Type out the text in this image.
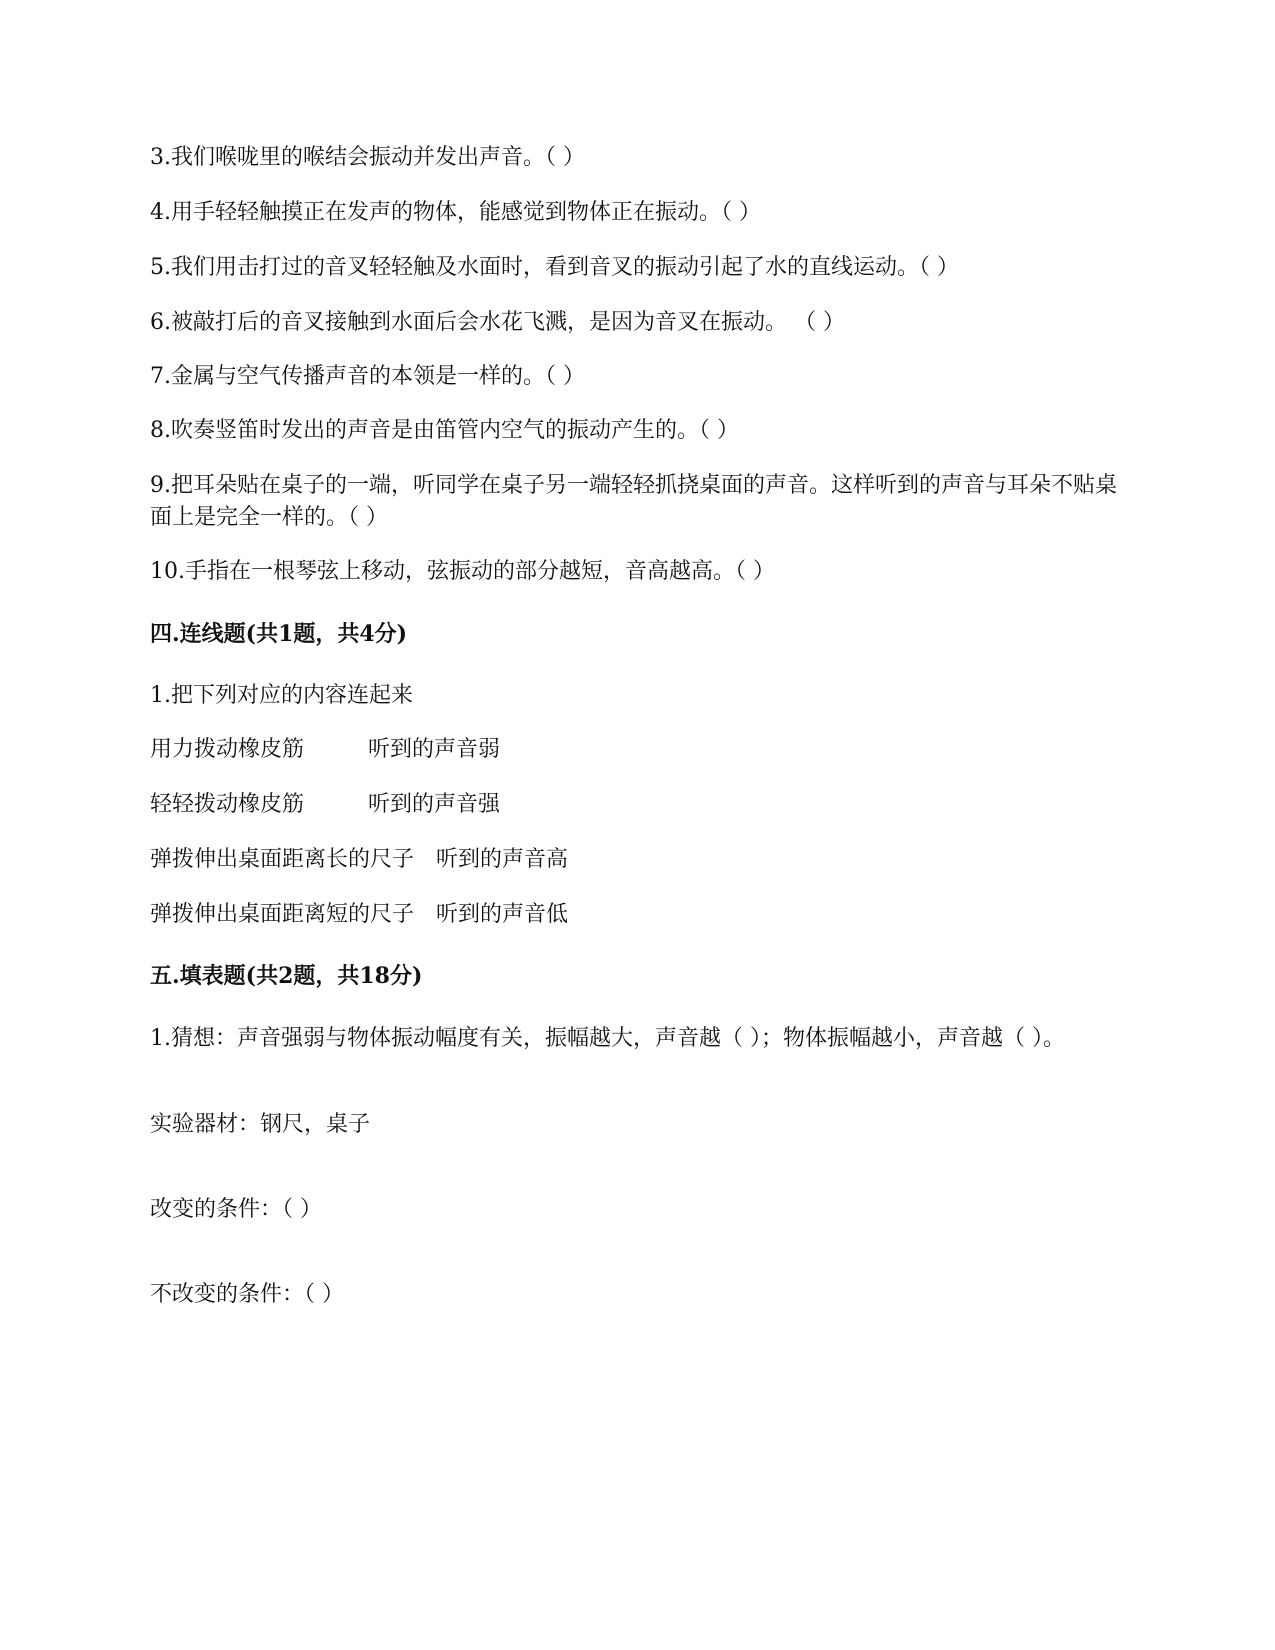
3.我们喉咙里的喉结会振动并发出声音。（ ）
4.用手轻轻触摸正在发声的物体，能感觉到物体正在振动。（ ）
5.我们用击打过的音叉轻轻触及水面时，看到音叉的振动引起了水的直线运动。（ ）
6.被敲打后的音叉接触到水面后会水花飞溅，是因为音叉在振动。 （ ）
7.金属与空气传播声音的本领是一样的。（ ）
8.吹奏竖笛时发出的声音是由笛管内空气的振动产生的。（ ）
9.把耳朵贴在桌子的一端，听同学在桌子另一端轻轻抓挠桌面的声音。这样听到的声音与耳朵不贴桌面上是完全一样的。（ ）
10.手指在一根琴弦上移动，弦振动的部分越短，音高越高。（ ）
四.连线题(共1题，共4分)
1.把下列对应的内容连起来
用力拨动橡皮筋	听到的声音弱
轻轻拨动橡皮筋	听到的声音强
弹拨伸出桌面距离长的尺子 听到的声音高
弹拨伸出桌面距离短的尺子 听到的声音低
五.填表题(共2题，共18分)
1.猜想：声音强弱与物体振动幅度有关，振幅越大，声音越（ ）；物体振幅越小，声音越（ ）。
实验器材：钢尺，桌子
改变的条件：（ ）
不改变的条件：（ ）
